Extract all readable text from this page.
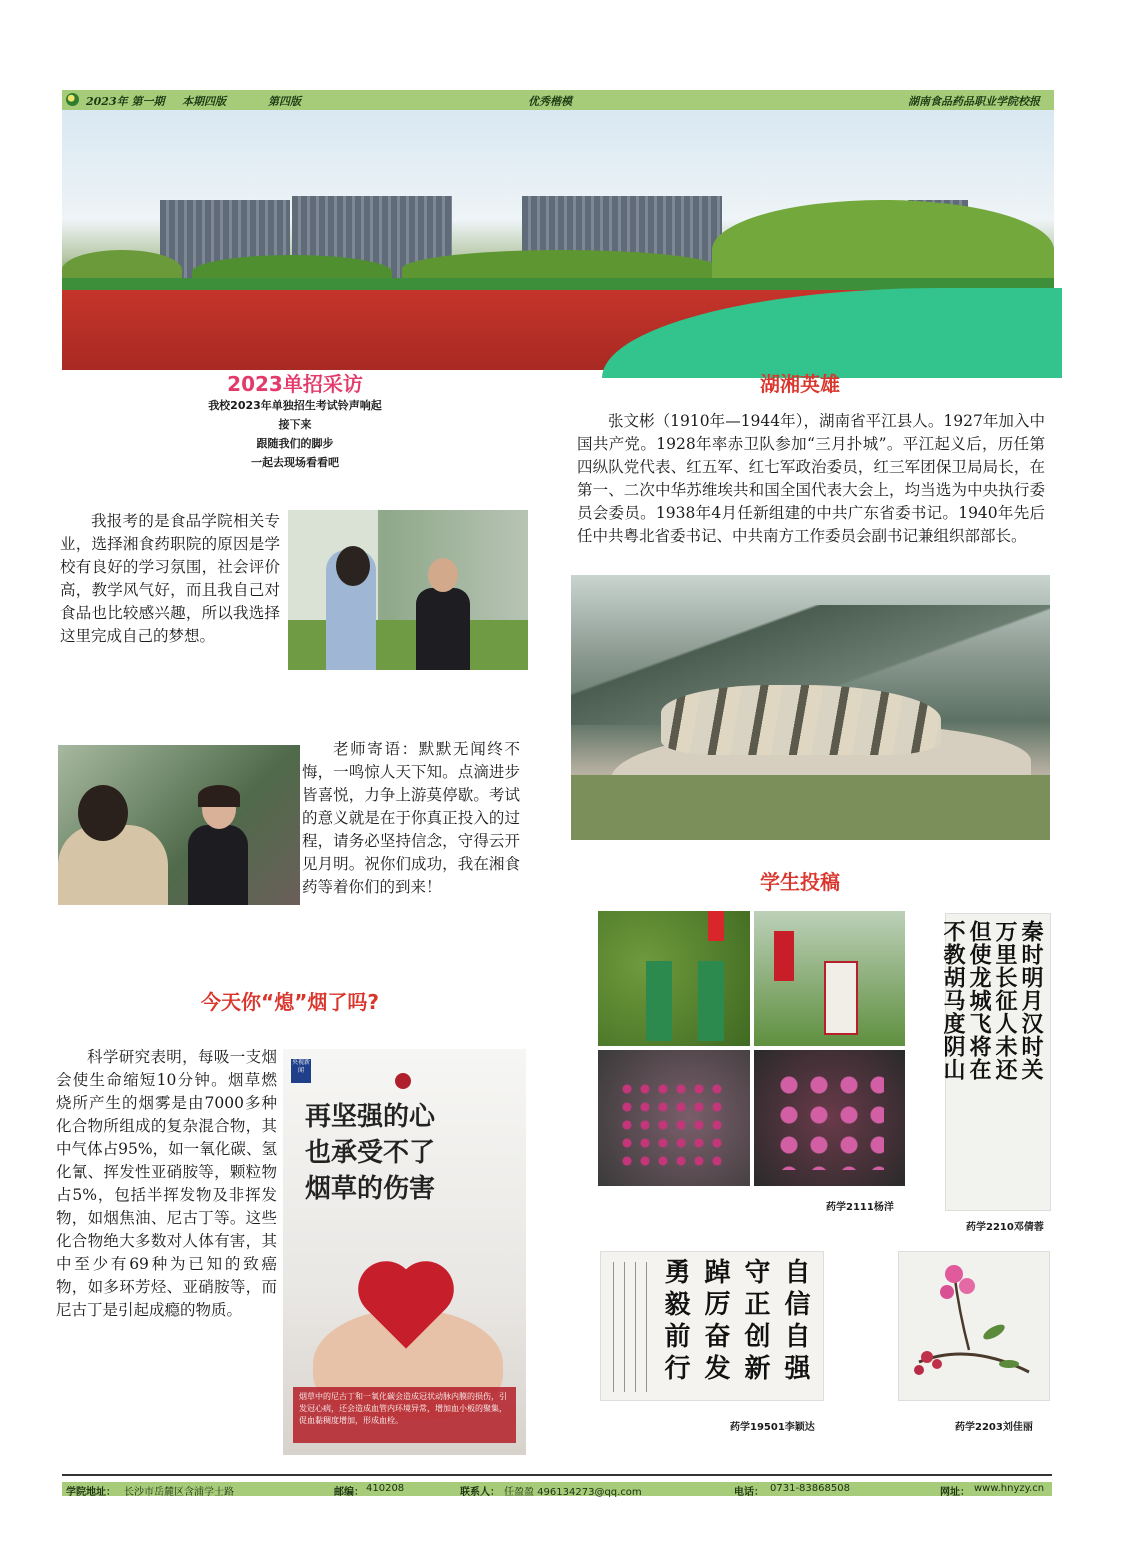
2023年 第一期 本期四版	第四版	优秀楷模	湖南食品药品职业学院校报
2023单招采访
我校2023年单独招生考试铃声响起
接下来
跟随我们的脚步
一起去现场看看吧

我报考的是食品学院相关专业，选择湘食药职院的原因是学校有良好的学习氛围，社会评价高，教学风气好，而且我自己对食品也比较感兴趣，所以我选择这里完成自己的梦想。

老师寄语：默默无闻终不悔，一鸣惊人天下知。点滴进步皆喜悦，力争上游莫停歇。考试的意义就是在于你真正投入的过程，请务必坚持信念，守得云开见月明。祝你们成功，我在湘食药等着你们的到来！

今天你“熄”烟了吗?

科学研究表明，每吸一支烟会使生命缩短10分钟。烟草燃烧所产生的烟雾是由7000多种化合物所组成的复杂混合物，其中气体占95%，如一氧化碳、氢化氰、挥发性亚硝胺等，颗粒物占5%，包括半挥发物及非挥发物，如烟焦油、尼古丁等。这些化合物绝大多数对人体有害，其中至少有69种为已知的致癌物，如多环芳烃、亚硝胺等，而尼古丁是引起成瘾的物质。

央视新闻
再坚强的心
也承受不了
烟草的伤害
烟草中的尼古丁和一氧化碳会造成冠状动脉内膜的损伤，引发冠心病，还会造成血管内环境异常，增加血小板的聚集，促血黏稠度增加，形成血栓。
湖湘英雄

张文彬（1910年—1944年），湖南省平江县人。1927年加入中国共产党。1928年率赤卫队参加“三月扑城”。平江起义后，历任第四纵队党代表、红五军、红七军政治委员，红三军团保卫局局长，在第一、二次中华苏维埃共和国全国代表大会上，均当选为中央执行委员会委员。1938年4月任新组建的中共广东省委书记。1940年先后任中共粤北省委书记、中共南方工作委员会副书记兼组织部部长。

学生投稿
药学2111杨洋
秦时明月汉时关
万里长征人未还
但使龙城飞将在
不教胡马度阴山
药学2210邓倩蓉
自信自强
守正创新
踔厉奋发
勇毅前行
药学19501李颖达	药学2203刘佳丽
学院地址： 长沙市岳麓区含浦学士路	邮编： 410208	联系人： 任盈盈 496134273@qq.com	电话： 0731-83868508	网址： www.hnyzy.cn
